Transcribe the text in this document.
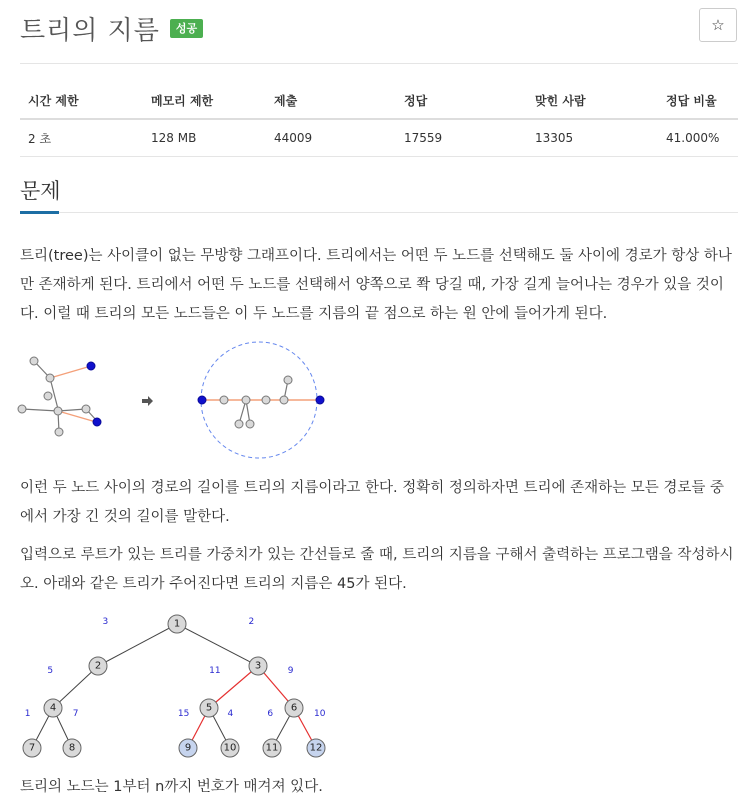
트리의 지름	성공	☆
시간 제한	메모리 제한	제출	정답	맞힌 사람	정답 비율
2 초	128 MB	44009	17559	13305	41.000%
문제

트리(tree)는 사이클이 없는 무방향 그래프이다. 트리에서는 어떤 두 노드를 선택해도 둘 사이에 경로가 항상 하나만 존재하게 된다. 트리에서 어떤 두 노드를 선택해서 양쪽으로 쫙 당길 때, 가장 길게 늘어나는 경우가 있을 것이다. 이럴 때 트리의 모든 노드들은 이 두 노드를 지름의 끝 점으로 하는 원 안에 들어가게 된다.

이런 두 노드 사이의 경로의 길이를 트리의 지름이라고 한다. 정확히 정의하자면 트리에 존재하는 모든 경로들 중에서 가장 긴 것의 길이를 말한다.

입력으로 루트가 있는 트리를 가중치가 있는 간선들로 줄 때, 트리의 지름을 구해서 출력하는 프로그램을 작성하시오. 아래와 같은 트리가 주어진다면 트리의 지름은 45가 된다.

3	2
5	11	9
1	7	15	4	6	10
1
2	3
4	5	6
7	8	9	10	11	12

트리의 노드는 1부터 n까지 번호가 매겨져 있다.
